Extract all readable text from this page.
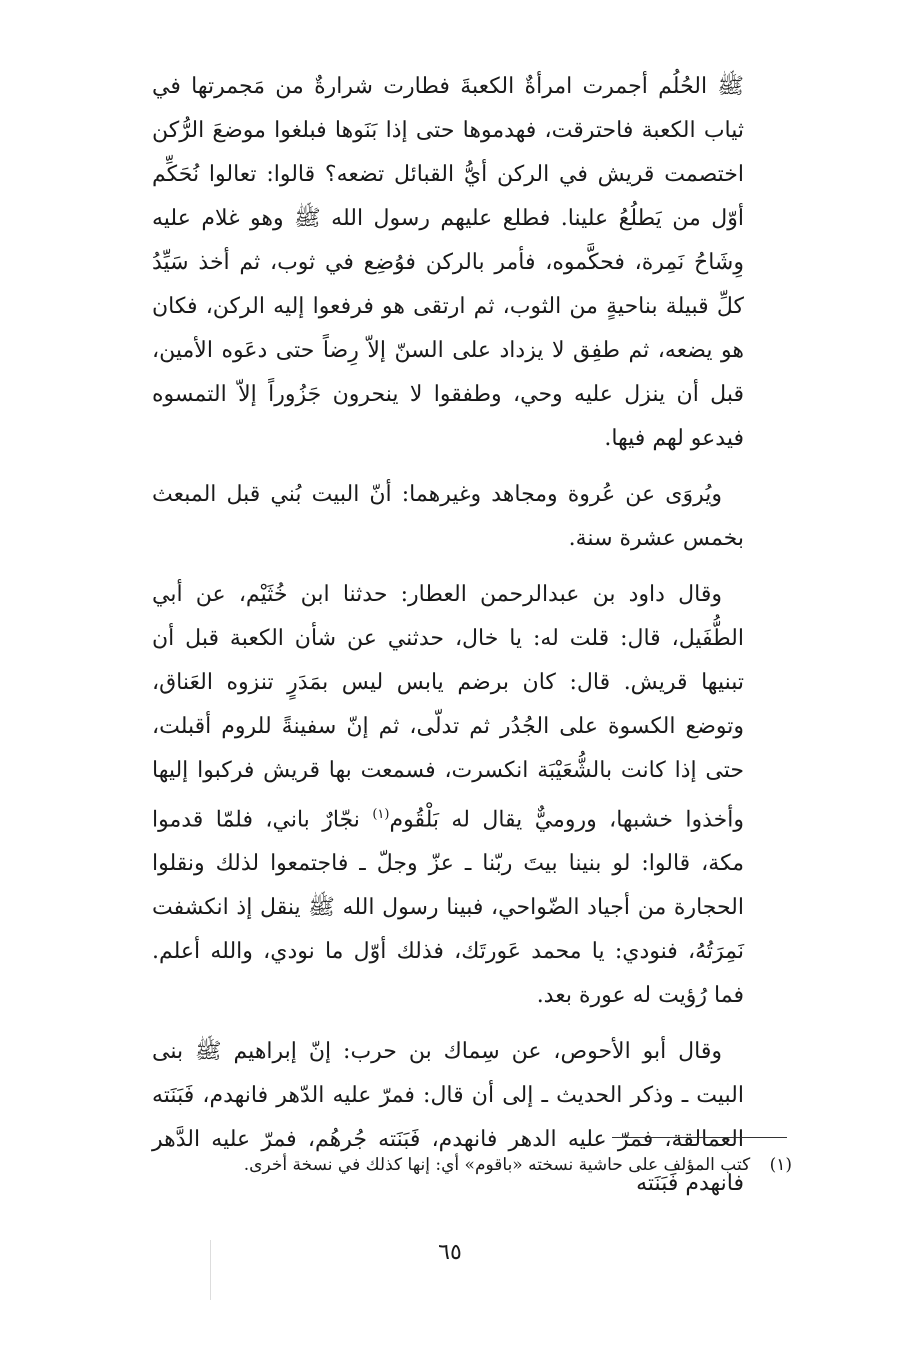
ﷺ الحُلُم أجمرت امرأةٌ الكعبةَ فطارت شرارةٌ من مَجمرتها في ثياب الكعبة فاحترقت، فهدموها حتى إذا بَنَوها فبلغوا موضعَ الرُّكن اختصمت قريش في الركن أيُّ القبائل تضعه؟ قالوا: تعالوا نُحَكِّم أوّل من يَطلُعُ علينا. فطلع عليهم رسول الله ﷺ وهو غلام عليه وِشَاحُ نَمِرة، فحكَّموه، فأمر بالركن فوُضِع في ثوب، ثم أخذ سَيِّدُ كلِّ قبيلة بناحيةٍ من الثوب، ثم ارتقى هو فرفعوا إليه الركن، فكان هو يضعه، ثم طفِق لا يزداد على السنّ إلاّ رِضاً حتى دعَوه الأمين، قبل أن ينزل عليه وحي، وطفقوا لا ينحرون جَزُوراً إلاّ التمسوه فيدعو لهم فيها.

ويُروَى عن عُروة ومجاهد وغيرهما: أنّ البيت بُني قبل المبعث بخمس عشرة سنة.

وقال داود بن عبدالرحمن العطار: حدثنا ابن خُثَيْم، عن أبي الطُّفَيل، قال: قلت له: يا خال، حدثني عن شأن الكعبة قبل أن تبنيها قريش. قال: كان برضم يابس ليس بمَدَرٍ تنزوه العَناق، وتوضع الكسوة على الجُدُر ثم تدلّى، ثم إنّ سفينةً للروم أقبلت، حتى إذا كانت بالشُّعَيْبَة انكسرت، فسمعت بها قريش فركبوا إليها وأخذوا خشبها، وروميٌّ يقال له بَلْقُوم$^{(١)}$ نجّارٌ باني، فلمّا قدموا مكة، قالوا: لو بنينا بيتَ ربّنا ـ عزّ وجلّ ـ فاجتمعوا لذلك ونقلوا الحجارة من أجياد الضّواحي، فبينا رسول الله ﷺ ينقل إذ انكشفت نَمِرَتُهُ، فنودي: يا محمد عَورتَك، فذلك أوّل ما نودي، والله أعلم. فما رُؤيت له عورة بعد.

وقال أبو الأحوص، عن سِماك بن حرب: إنّ إبراهيم ﷺ بنى البيت ـ وذكر الحديث ـ إلى أن قال: فمرّ عليه الدّهر فانهدم، فَبَنَته العمالقة، فمرّ عليه الدهر فانهدم، فَبَنَته جُرهُم، فمرّ عليه الدَّهر فانهدم فَبَنَته

(١) كتب المؤلف على حاشية نسخته «باقوم» أي: إنها كذلك في نسخة أخرى.
٦٥
